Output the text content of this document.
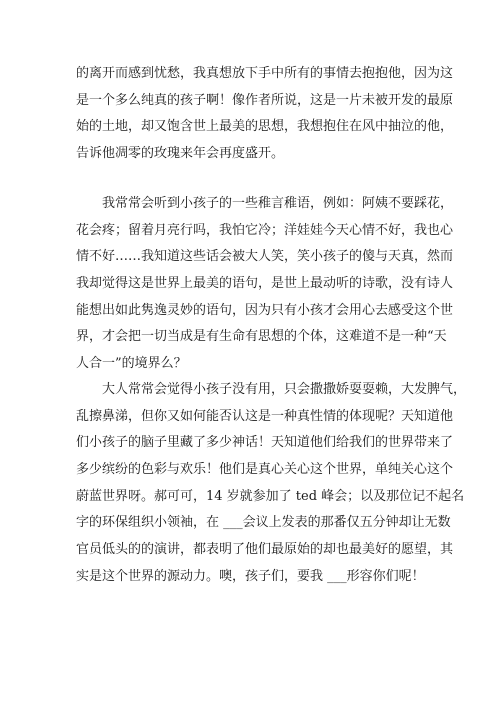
的离开而感到忧愁，我真想放下手中所有的事情去抱抱他，因为这
是一个多么纯真的孩子啊！像作者所说，这是一片未被开发的最原
始的土地，却又饱含世上最美的思想，我想抱住在风中抽泣的他，
告诉他凋零的玫瑰来年会再度盛开。
　　我常常会听到小孩子的一些稚言稚语，例如：阿姨不要踩花，
花会疼；留着月亮行吗，我怕它冷；洋娃娃今天心情不好，我也心
情不好……我知道这些话会被大人笑，笑小孩子的傻与天真，然而
我却觉得这是世界上最美的语句，是世上最动听的诗歌，没有诗人
能想出如此隽逸灵妙的语句，因为只有小孩才会用心去感受这个世
界，才会把一切当成是有生命有思想的个体，这难道不是一种“天
人合一”的境界么？
　　大人常常会觉得小孩子没有用，只会撒撒娇耍耍赖，大发脾气，
乱擦鼻涕，但你又如何能否认这是一种真性情的体现呢？天知道他
们小孩子的脑子里藏了多少神话！天知道他们给我们的世界带来了
多少缤纷的色彩与欢乐！他们是真心关心这个世界，单纯关心这个
蔚蓝世界呀。郝可可，14 岁就参加了 ted 峰会；以及那位记不起名
字的环保组织小领袖，在 ___会议上发表的那番仅五分钟却让无数
官员低头的的演讲，都表明了他们最原始的却也最美好的愿望，其
实是这个世界的源动力。噢，孩子们，要我 ___形容你们呢！
